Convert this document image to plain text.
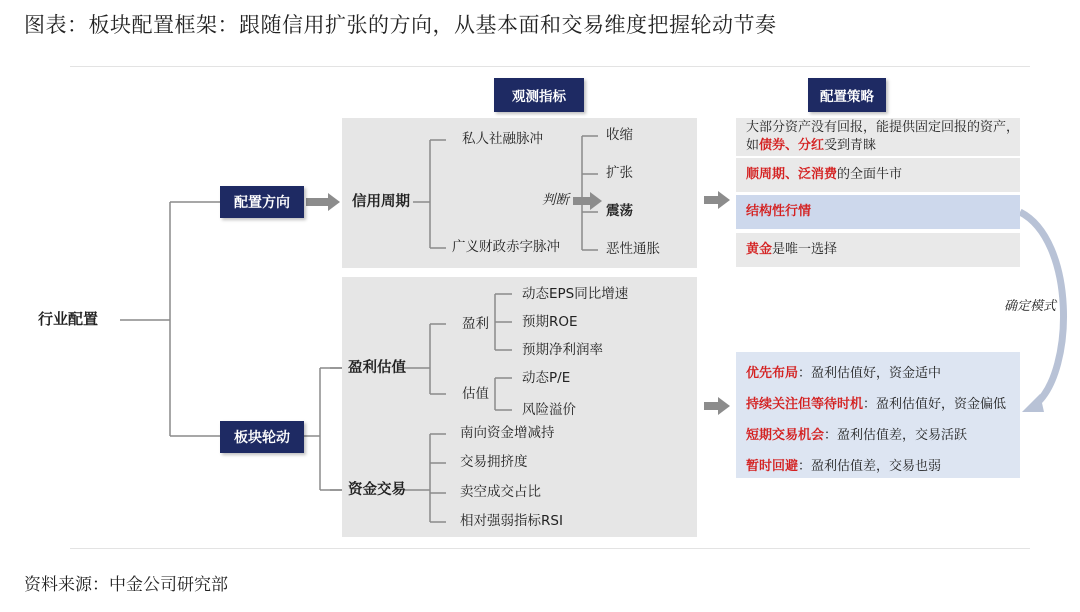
图表：板块配置框架：跟随信用扩张的方向，从基本面和交易维度把握轮动节奏
观测指标	配置策略
行业配置
配置方向
板块轮动
信用周期
私人社融脉冲
广义财政赤字脉冲
判断
收缩
扩张
震荡
恶性通胀
盈利估值
盈利
动态EPS同比增速
预期ROE
预期净利润率
估值
动态P/E
风险溢价
资金交易
南向资金增减持
交易拥挤度
卖空成交占比
相对强弱指标RSI
大部分资产没有回报，能提供固定回报的资产，
如债券、分红受到青睐
顺周期、泛消费的全面牛市
结构性行情
黄金是唯一选择
确定模式
优先布局：盈利估值好，资金适中
持续关注但等待时机：盈利估值好，资金偏低
短期交易机会：盈利估值差，交易活跃
暂时回避：盈利估值差，交易也弱
资料来源：中金公司研究部
